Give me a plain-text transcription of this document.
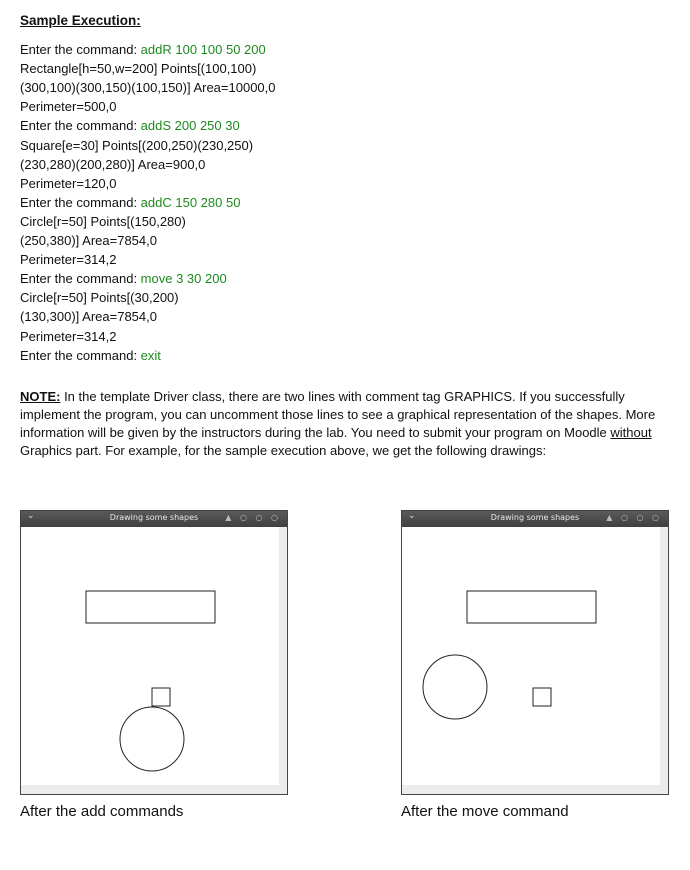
Sample Execution:
Enter the command: addR 100 100 50 200
Rectangle[h=50,w=200] Points[(100,100)
(300,100)(300,150)(100,150)] Area=10000,0
Perimeter=500,0
Enter the command: addS 200 250 30
Square[e=30] Points[(200,250)(230,250)
(230,280)(200,280)] Area=900,0
Perimeter=120,0
Enter the command: addC 150 280 50
Circle[r=50] Points[(150,280)
(250,380)] Area=7854,0
Perimeter=314,2
Enter the command: move 3 30 200
Circle[r=50] Points[(30,200)
(130,300)] Area=7854,0
Perimeter=314,2
Enter the command: exit
NOTE: In the template Driver class, there are two lines with comment tag GRAPHICS. If you successfully implement the program, you can uncomment those lines to see a graphical representation of the shapes. More information will be given by the instructors during the lab. You need to submit your program on Moodle without Graphics part. For example, for the sample execution above, we get the following drawings:
⌄	Drawing some shapes	▲ ○ ○ ○
After the add commands
⌄	Drawing some shapes	▲ ○ ○ ○
After the move command
